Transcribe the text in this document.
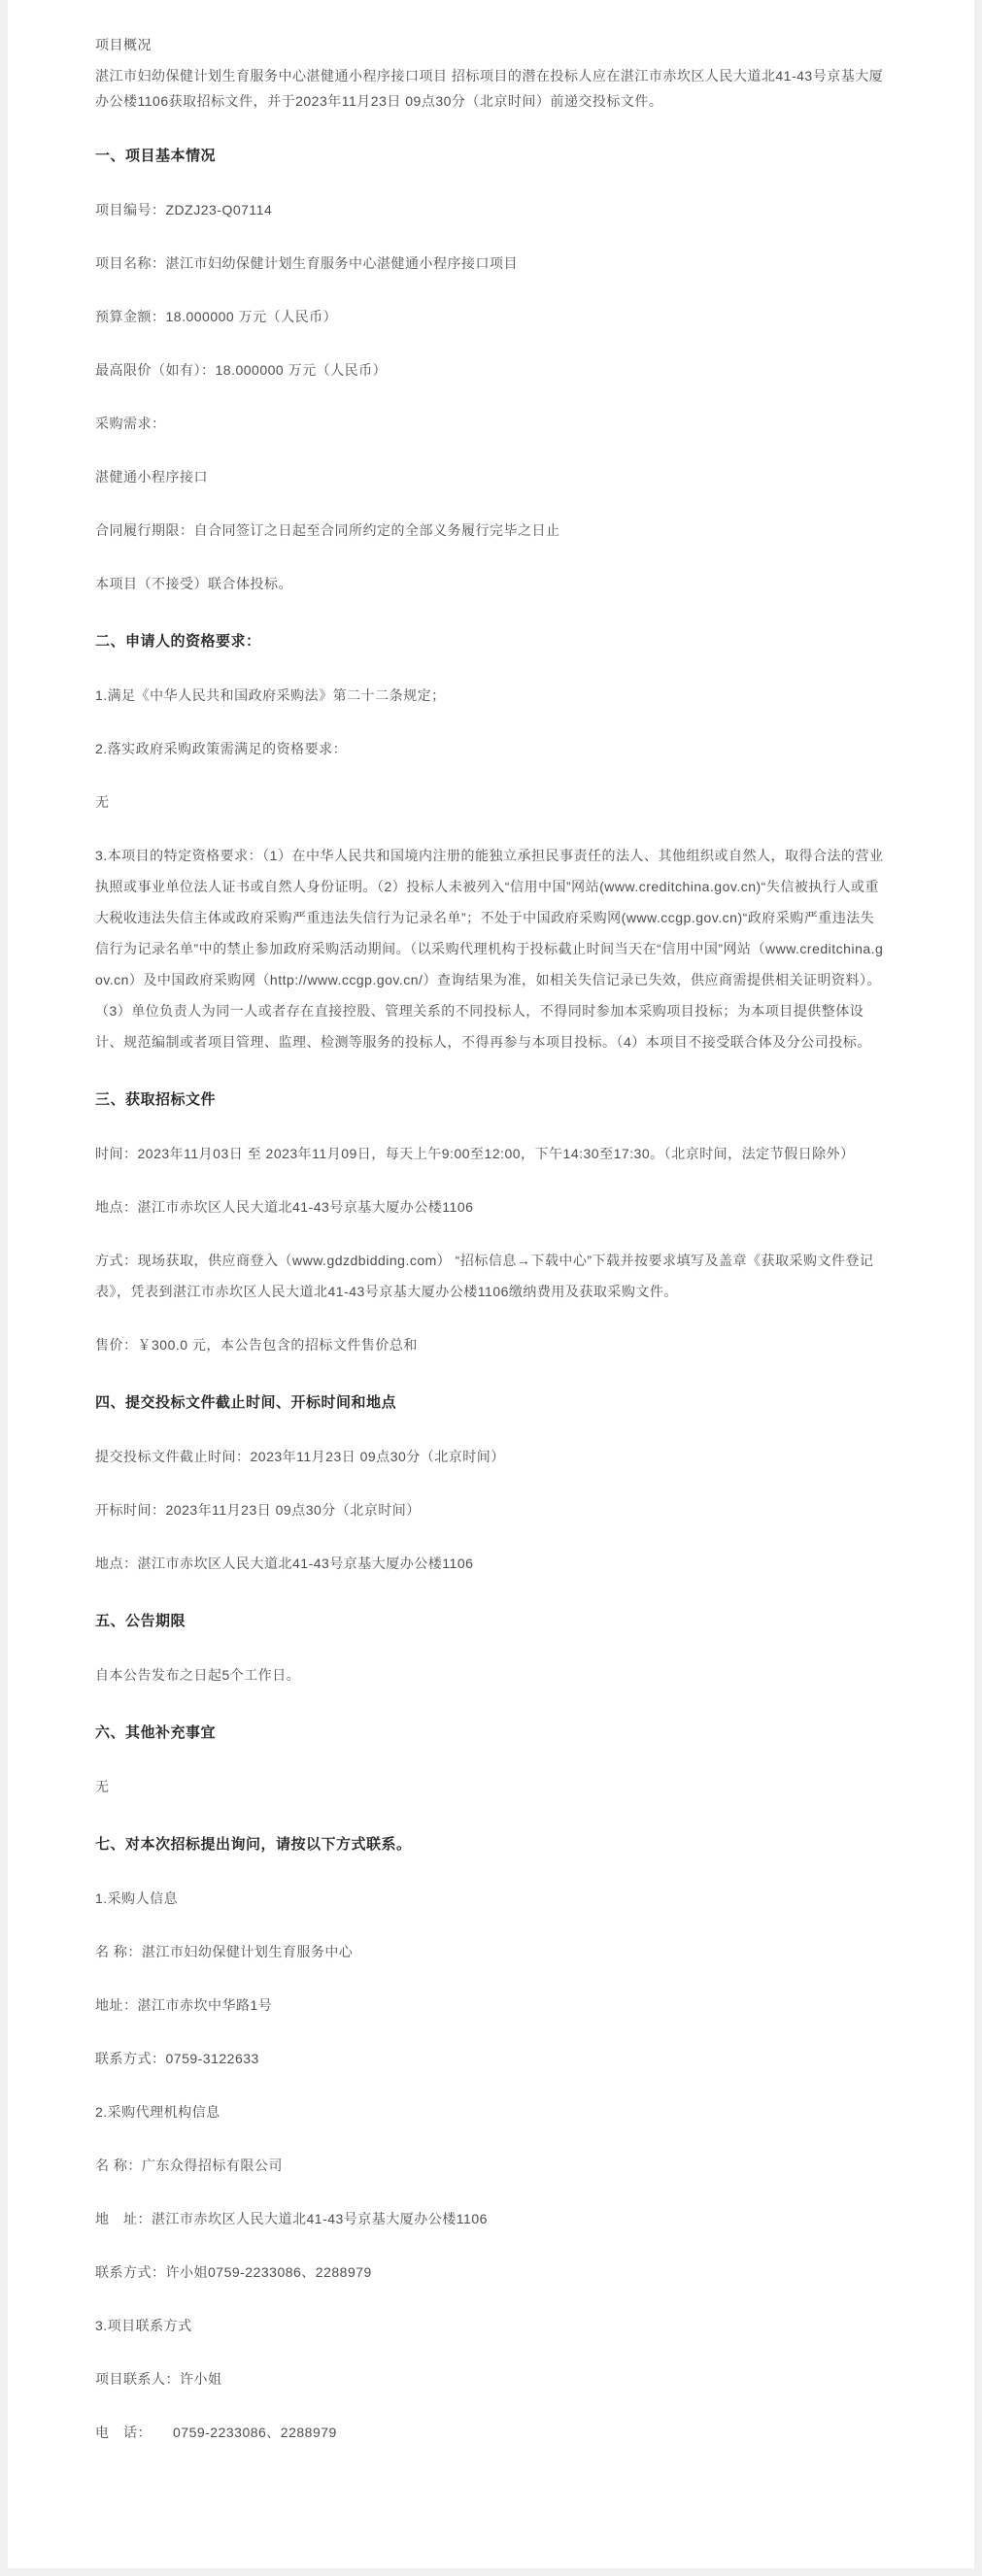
项目概况

湛江市妇幼保健计划生育服务中心湛健通小程序接口项目 招标项目的潜在投标人应在湛江市赤坎区人民大道北41-43号京基大厦办公楼1106获取招标文件，并于2023年11月23日 09点30分（北京时间）前递交投标文件。

一、项目基本情况

项目编号：ZDZJ23-Q07114

项目名称：湛江市妇幼保健计划生育服务中心湛健通小程序接口项目

预算金额：18.000000 万元（人民币）

最高限价（如有）：18.000000 万元（人民币）

采购需求：

湛健通小程序接口

合同履行期限：自合同签订之日起至合同所约定的全部义务履行完毕之日止

本项目（不接受）联合体投标。

二、申请人的资格要求：

1.满足《中华人民共和国政府采购法》第二十二条规定；

2.落实政府采购政策需满足的资格要求：

无

3.本项目的特定资格要求：（1）在中华人民共和国境内注册的能独立承担民事责任的法人、其他组织或自然人，取得合法的营业执照或事业单位法人证书或自然人身份证明。（2）投标人未被列入“信用中国”网站(www.creditchina.gov.cn)“失信被执行人或重大税收违法失信主体或政府采购严重违法失信行为记录名单”；不处于中国政府采购网(www.ccgp.gov.cn)“政府采购严重违法失信行为记录名单”中的禁止参加政府采购活动期间。（以采购代理机构于投标截止时间当天在“信用中国”网站（www.creditchina.gov.cn）及中国政府采购网（http://www.ccgp.gov.cn/）查询结果为准，如相关失信记录已失效，供应商需提供相关证明资料）。（3）单位负责人为同一人或者存在直接控股、管理关系的不同投标人，不得同时参加本采购项目投标；为本项目提供整体设计、规范编制或者项目管理、监理、检测等服务的投标人，不得再参与本项目投标。（4）本项目不接受联合体及分公司投标。

三、获取招标文件

时间：2023年11月03日 至 2023年11月09日，每天上午9:00至12:00，下午14:30至17:30。（北京时间，法定节假日除外）

地点：湛江市赤坎区人民大道北41-43号京基大厦办公楼1106

方式：现场获取，供应商登入（www.gdzdbidding.com） “招标信息→下载中心”下载并按要求填写及盖章《获取采购文件登记表》，凭表到湛江市赤坎区人民大道北41-43号京基大厦办公楼1106缴纳费用及获取采购文件。

售价：￥300.0 元，本公告包含的招标文件售价总和

四、提交投标文件截止时间、开标时间和地点

提交投标文件截止时间：2023年11月23日 09点30分（北京时间）

开标时间：2023年11月23日 09点30分（北京时间）

地点：湛江市赤坎区人民大道北41-43号京基大厦办公楼1106

五、公告期限

自本公告发布之日起5个工作日。

六、其他补充事宜

无

七、对本次招标提出询问，请按以下方式联系。

1.采购人信息

名 称：湛江市妇幼保健计划生育服务中心

地址：湛江市赤坎中华路1号

联系方式：0759-3122633

2.采购代理机构信息

名 称：广东众得招标有限公司

地　址：湛江市赤坎区人民大道北41-43号京基大厦办公楼1106

联系方式：许小姐0759-2233086、2288979

3.项目联系方式

项目联系人：许小姐

电　话：　　0759-2233086、2288979
